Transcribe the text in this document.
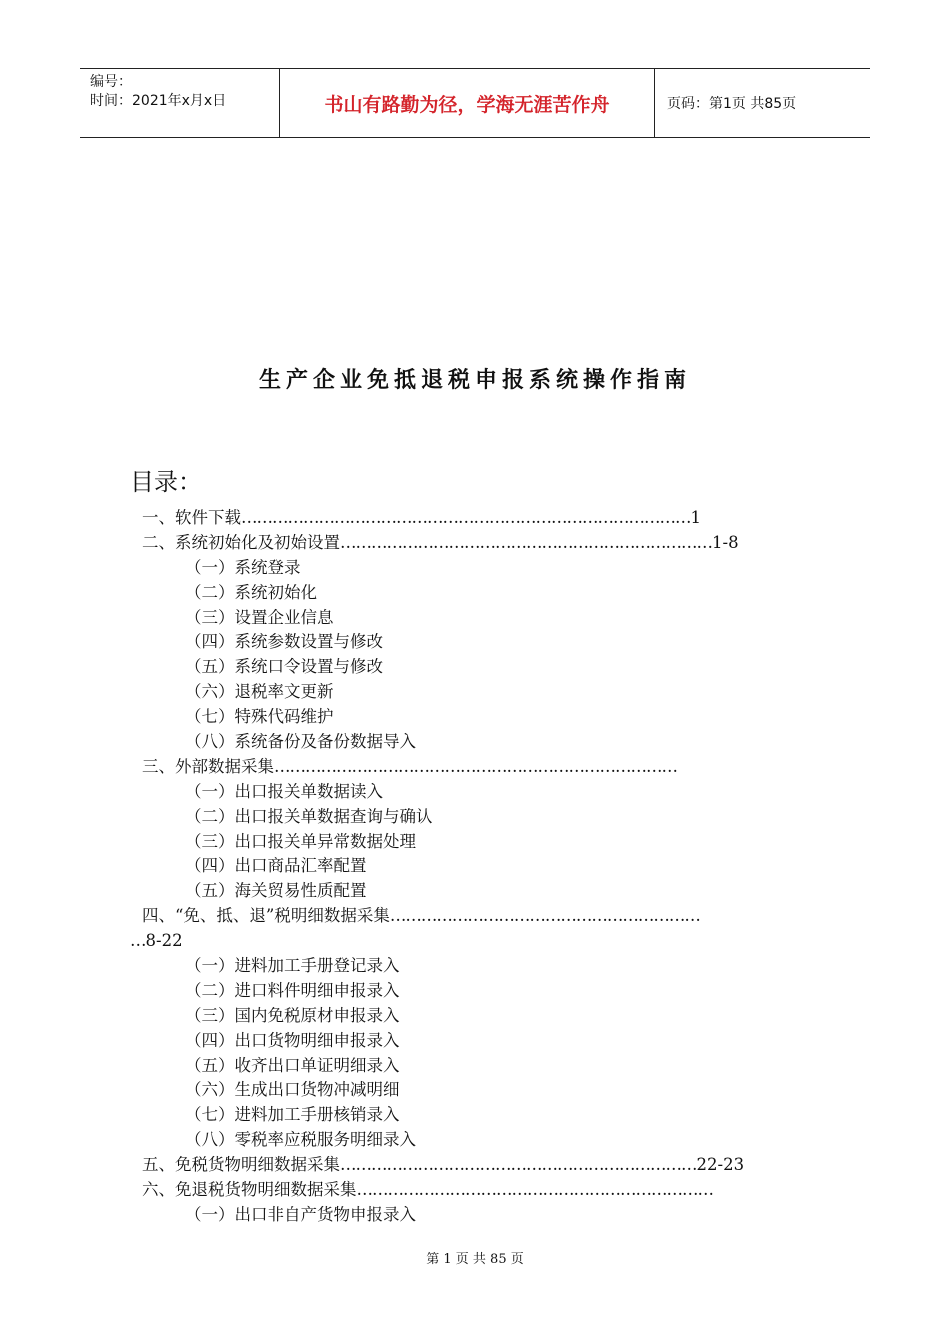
编号：
时间：2021年x月x日	书山有路勤为径，学海无涯苦作舟	页码：第1页 共85页
生产企业免抵退税申报系统操作指南
目录：
一、软件下载……………………………………………………………………………1
二、系统初始化及初始设置………………………………………………………………1-8
（一）系统登录
（二）系统初始化
（三）设置企业信息
（四）系统参数设置与修改
（五）系统口令设置与修改
（六）退税率文更新
（七）特殊代码维护
（八）系统备份及备份数据导入
三、外部数据采集……………………………………………………………………
（一）出口报关单数据读入
（二）出口报关单数据查询与确认
（三）出口报关单异常数据处理
（四）出口商品汇率配置
（五）海关贸易性质配置
四、“免、抵、退”税明细数据采集……………………………………………………
…8-22
（一）进料加工手册登记录入
（二）进口料件明细申报录入
（三）国内免税原材申报录入
（四）出口货物明细申报录入
（五）收齐出口单证明细录入
（六）生成出口货物冲减明细
（七）进料加工手册核销录入
（八）零税率应税服务明细录入
五、免税货物明细数据采集……………………………………………………………22-23
六、免退税货物明细数据采集……………………………………………………………
（一）出口非自产货物申报录入
第 1 页 共 85 页
